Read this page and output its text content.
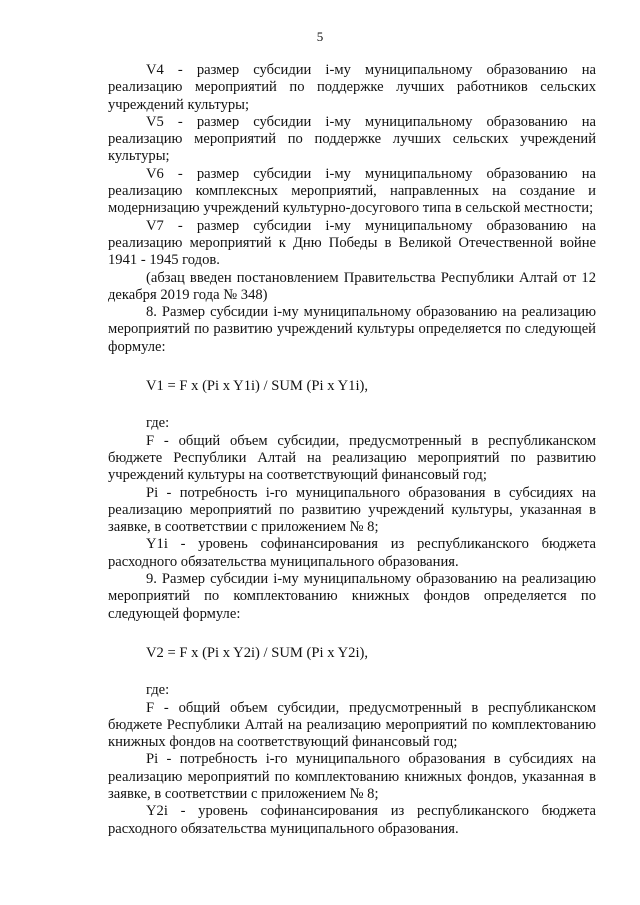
5

V4 - размер субсидии i-му муниципальному образованию на реализацию мероприятий по поддержке лучших работников сельских учреждений культуры;

V5 - размер субсидии i-му муниципальному образованию на реализацию мероприятий по поддержке лучших сельских учреждений культуры;

V6 - размер субсидии i-му муниципальному образованию на реализацию комплексных мероприятий, направленных на создание и модернизацию учреждений культурно-досугового типа в сельской местности;

V7 - размер субсидии i-му муниципальному образованию на реализацию мероприятий к Дню Победы в Великой Отечественной войне 1941 - 1945 годов.

(абзац введен постановлением Правительства Республики Алтай от 12 декабря 2019 года № 348)

8. Размер субсидии i-му муниципальному образованию на реализацию мероприятий по развитию учреждений культуры определяется по следующей формуле:

V1 = F x (Pi x Y1i) / SUM (Pi x Y1i),

где:

F - общий объем субсидии, предусмотренный в республиканском бюджете Республики Алтай на реализацию мероприятий по развитию учреждений культуры на соответствующий финансовый год;

Pi - потребность i-го муниципального образования в субсидиях на реализацию мероприятий по развитию учреждений культуры, указанная в заявке, в соответствии с приложением № 8;

Y1i - уровень софинансирования из республиканского бюджета расходного обязательства муниципального образования.

9. Размер субсидии i-му муниципальному образованию на реализацию мероприятий по комплектованию книжных фондов определяется по следующей формуле:

V2 = F x (Pi x Y2i) / SUM (Pi x Y2i),

где:

F - общий объем субсидии, предусмотренный в республиканском бюджете Республики Алтай на реализацию мероприятий по комплектованию книжных фондов на соответствующий финансовый год;

Pi - потребность i-го муниципального образования в субсидиях на реализацию мероприятий по комплектованию книжных фондов, указанная в заявке, в соответствии с приложением № 8;

Y2i - уровень софинансирования из республиканского бюджета расходного обязательства муниципального образования.
